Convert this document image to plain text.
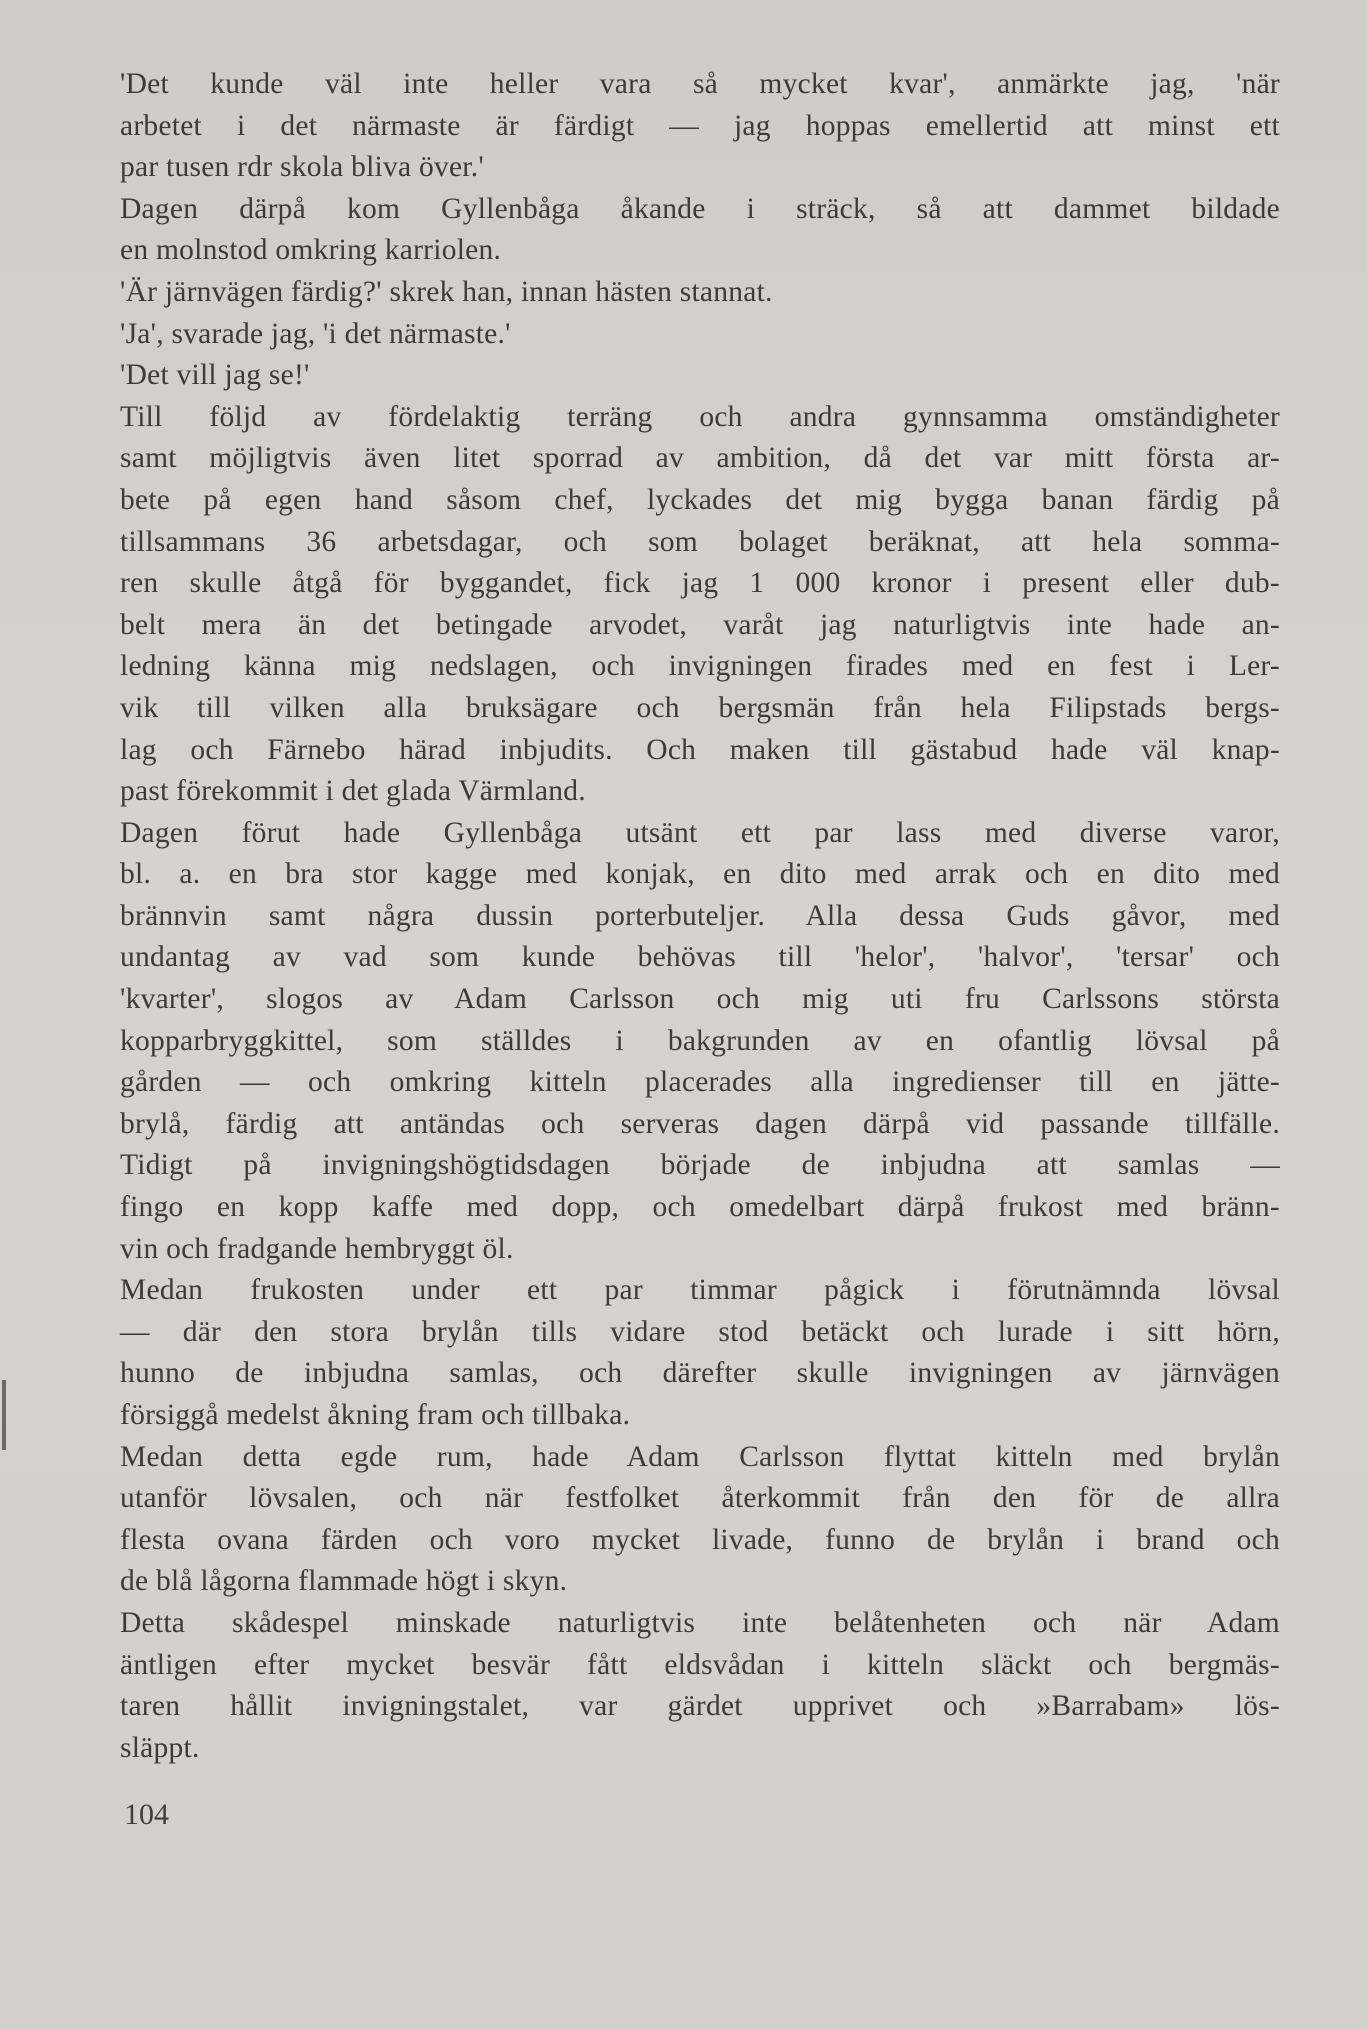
'Det kunde väl inte heller vara så mycket kvar', anmärkte jag, 'när
arbetet i det närmaste är färdigt — jag hoppas emellertid att minst ett
par tusen rdr skola bliva över.'
Dagen därpå kom Gyllenbåga åkande i sträck, så att dammet bildade
en molnstod omkring karriolen.
'Är järnvägen färdig?' skrek han, innan hästen stannat.
'Ja', svarade jag, 'i det närmaste.'
'Det vill jag se!'
Till följd av fördelaktig terräng och andra gynnsamma omständigheter
samt möjligtvis även litet sporrad av ambition, då det var mitt första ar-
bete på egen hand såsom chef, lyckades det mig bygga banan färdig på
tillsammans 36 arbetsdagar, och som bolaget beräknat, att hela somma-
ren skulle åtgå för byggandet, fick jag 1 000 kronor i present eller dub-
belt mera än det betingade arvodet, varåt jag naturligtvis inte hade an-
ledning känna mig nedslagen, och invigningen firades med en fest i Ler-
vik till vilken alla bruksägare och bergsmän från hela Filipstads bergs-
lag och Färnebo härad inbjudits. Och maken till gästabud hade väl knap-
past förekommit i det glada Värmland.
Dagen förut hade Gyllenbåga utsänt ett par lass med diverse varor,
bl. a. en bra stor kagge med konjak, en dito med arrak och en dito med
brännvin samt några dussin porterbuteljer. Alla dessa Guds gåvor, med
undantag av vad som kunde behövas till 'helor', 'halvor', 'tersar' och
'kvarter', slogos av Adam Carlsson och mig uti fru Carlssons största
kopparbryggkittel, som ställdes i bakgrunden av en ofantlig lövsal på
gården — och omkring kitteln placerades alla ingredienser till en jätte-
brylå, färdig att antändas och serveras dagen därpå vid passande tillfälle.
Tidigt på invigningshögtidsdagen började de inbjudna att samlas —
fingo en kopp kaffe med dopp, och omedelbart därpå frukost med bränn-
vin och fradgande hembryggt öl.
Medan frukosten under ett par timmar pågick i förutnämnda lövsal
— där den stora brylån tills vidare stod betäckt och lurade i sitt hörn,
hunno de inbjudna samlas, och därefter skulle invigningen av järnvägen
försiggå medelst åkning fram och tillbaka.
Medan detta egde rum, hade Adam Carlsson flyttat kitteln med brylån
utanför lövsalen, och när festfolket återkommit från den för de allra
flesta ovana färden och voro mycket livade, funno de brylån i brand och
de blå lågorna flammade högt i skyn.
Detta skådespel minskade naturligtvis inte belåtenheten och när Adam
äntligen efter mycket besvär fått eldsvådan i kitteln släckt och bergmäs-
taren hållit invigningstalet, var gärdet upprivet och »Barrabam» lös-
släppt.
104
